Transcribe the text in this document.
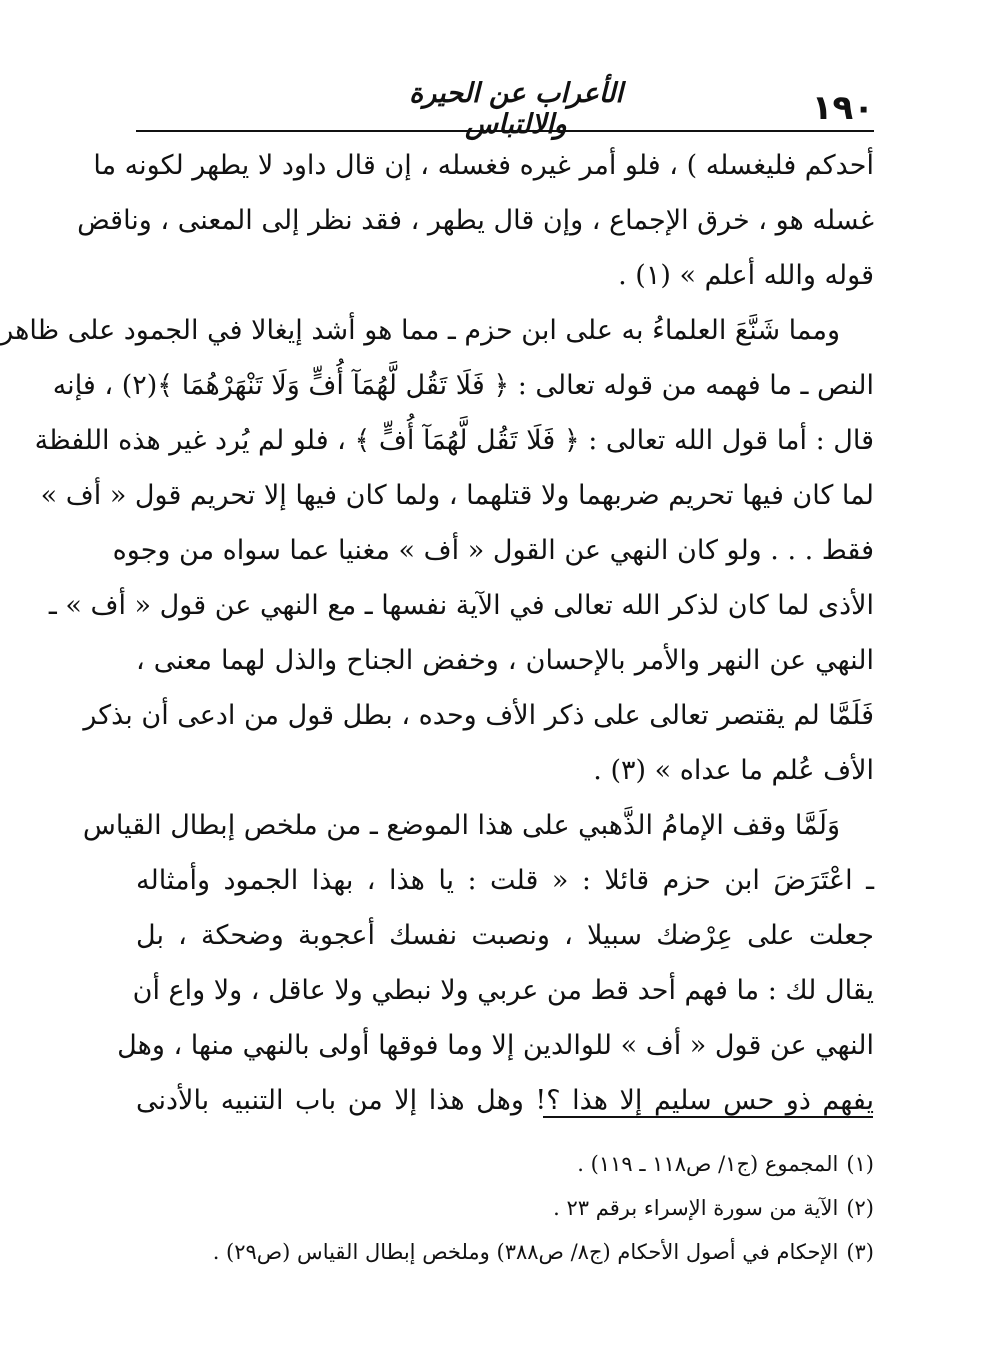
١٩٠
الأعراب عن الحيرة والالتباس
أحدكم فليغسله ) ، فلو أمر غيره فغسله ، إن قال داود لا يطهر لكونه ما
غسله هو ، خرق الإجماع ، وإن قال يطهر ، فقد نظر إلى المعنى ، وناقض
قوله والله أعلم » (١) .
ومما شَنَّعَ العلماءُ به على ابن حزم ـ مما هو أشد إيغالا في الجمود على ظاهر
النص ـ ما فهمه من قوله تعالى : ﴿ فَلَا تَقُل لَّهُمَآ أُفٍّ وَلَا تَنْهَرْهُمَا ﴾(٢) ، فإنه
قال : أما قول الله تعالى : ﴿ فَلَا تَقُل لَّهُمَآ أُفٍّ ﴾ ، فلو لم يُرد غير هذه اللفظة
لما كان فيها تحريم ضربهما ولا قتلهما ، ولما كان فيها إلا تحريم قول « أف »
فقط . . . ولو كان النهي عن القول « أف » مغنيا عما سواه من وجوه
الأذى لما كان لذكر الله تعالى في الآية نفسها ـ مع النهي عن قول « أف » ـ
النهي عن النهر والأمر بالإحسان ، وخفض الجناح والذل لهما معنى ،
فَلَمَّا لم يقتصر تعالى على ذكر الأف وحده ، بطل قول من ادعى أن بذكر
الأف عُلم ما عداه » (٣) .
وَلَمَّا وقف الإمامُ الذَّهبي على هذا الموضع ـ من ملخص إبطال القياس
ـ اعْتَرَضَ ابن حزم قائلا : « قلت : يا هذا ، بهذا الجمود وأمثاله
جعلت على عِرْضك سبيلا ، ونصبت نفسك أعجوبة وضحكة ، بل
يقال لك : ما فهم أحد قط من عربي ولا نبطي ولا عاقل ، ولا واع أن
النهي عن قول « أف » للوالدين إلا وما فوقها أولى بالنهي منها ، وهل
يفهم ذو حس سليم إلا هذا ؟! وهل هذا إلا من باب التنبيه بالأدنى
(١)المجموع (ج١/ ص١١٨ ـ ١١٩) .
(٢)الآية من سورة الإسراء برقم ٢٣ .
(٣)الإحكام في أصول الأحكام (ج٨/ ص٣٨٨) وملخص إبطال القياس (ص٢٩) .
